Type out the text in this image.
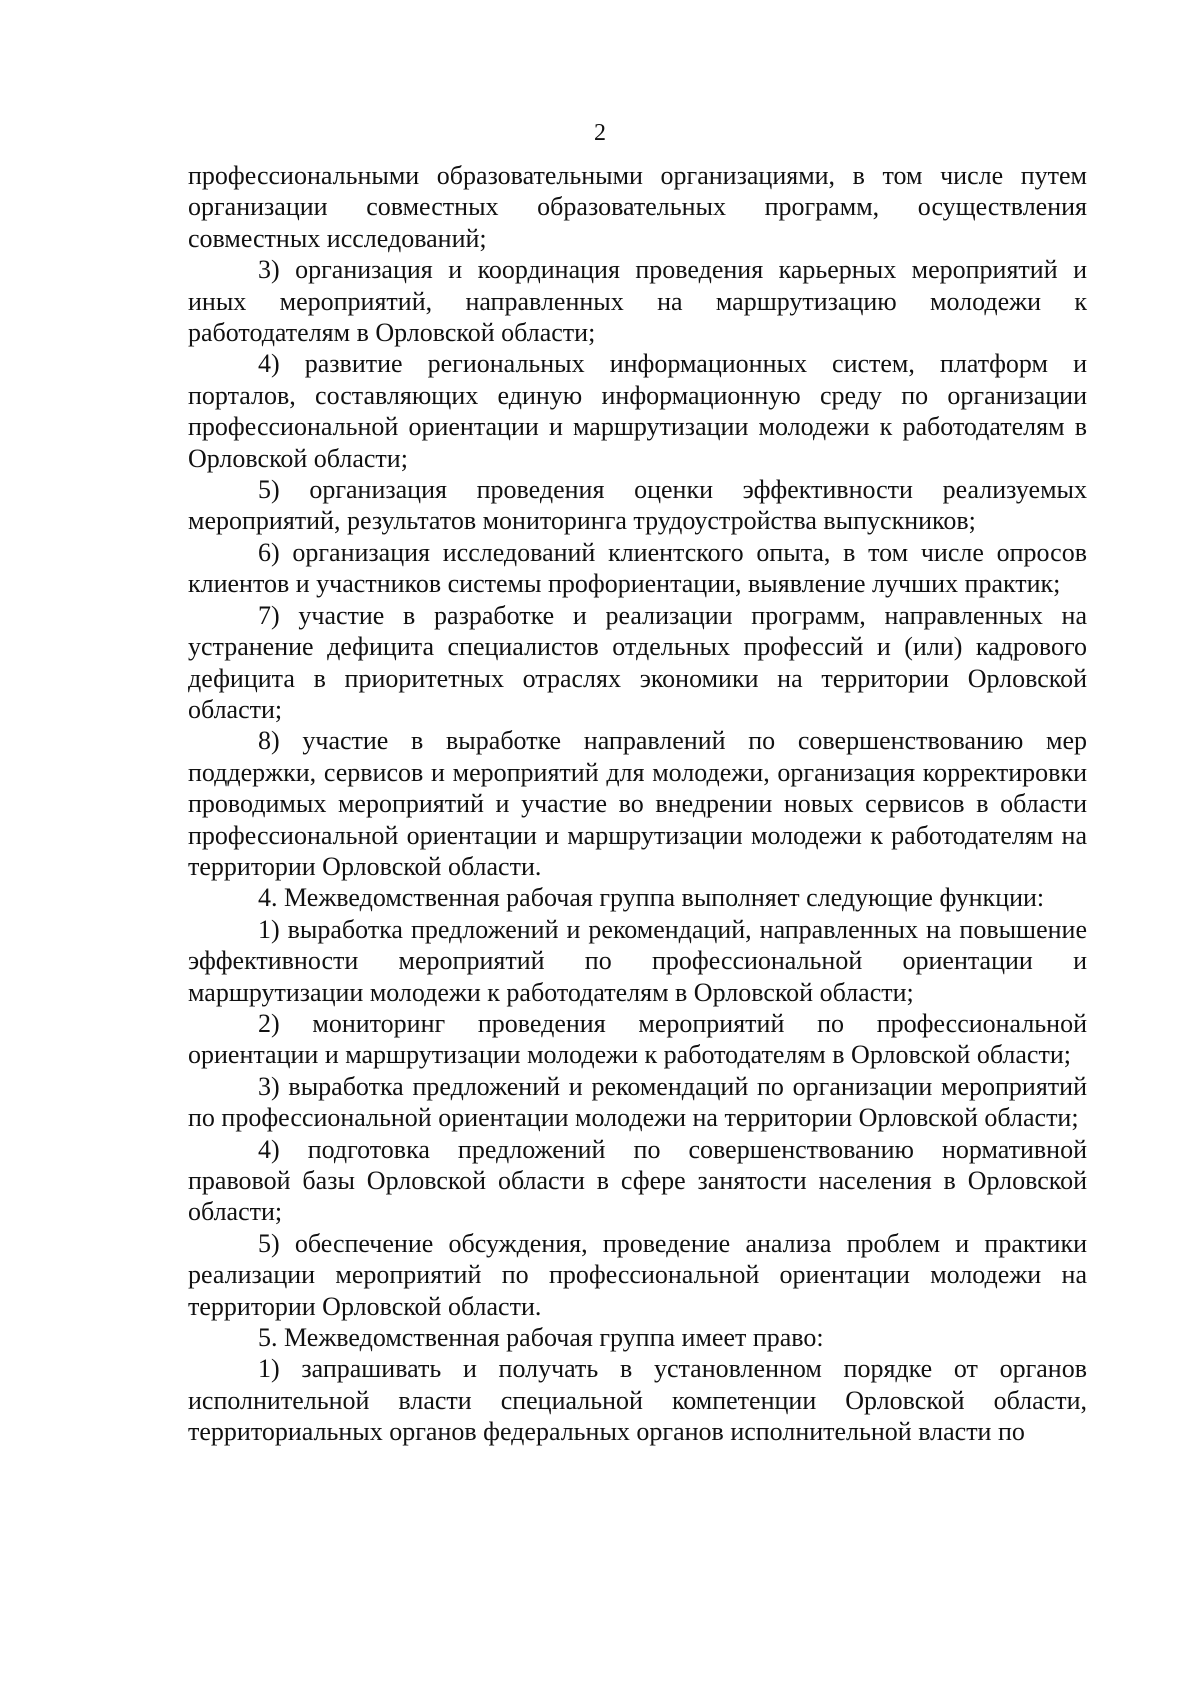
2

профессиональными образовательными организациями, в том числе путем организации совместных образовательных программ, осуществления совместных исследований;

3) организация и координация проведения карьерных мероприятий и иных мероприятий, направленных на маршрутизацию молодежи к работодателям в Орловской области;

4) развитие региональных информационных систем, платформ и порталов, составляющих единую информационную среду по организации профессиональной ориентации и маршрутизации молодежи к работодателям в Орловской области;

5) организация проведения оценки эффективности реализуемых мероприятий, результатов мониторинга трудоустройства выпускников;

6) организация исследований клиентского опыта, в том числе опросов клиентов и участников системы профориентации, выявление лучших практик;

7) участие в разработке и реализации программ, направленных на устранение дефицита специалистов отдельных профессий и (или) кадрового дефицита в приоритетных отраслях экономики на территории Орловской области;

8) участие в выработке направлений по совершенствованию мер поддержки, сервисов и мероприятий для молодежи, организация корректировки проводимых мероприятий и участие во внедрении новых сервисов в области профессиональной ориентации и маршрутизации молодежи к работодателям на территории Орловской области.

4. Межведомственная рабочая группа выполняет следующие функции:

1) выработка предложений и рекомендаций, направленных на повышение эффективности мероприятий по профессиональной ориентации и маршрутизации молодежи к работодателям в Орловской области;

2) мониторинг проведения мероприятий по профессиональной ориентации и маршрутизации молодежи к работодателям в Орловской области;

3) выработка предложений и рекомендаций по организации мероприятий по профессиональной ориентации молодежи на территории Орловской области;

4) подготовка предложений по совершенствованию нормативной правовой базы Орловской области в сфере занятости населения в Орловской области;

5) обеспечение обсуждения, проведение анализа проблем и практики реализации мероприятий по профессиональной ориентации молодежи на территории Орловской области.

5. Межведомственная рабочая группа имеет право:

1) запрашивать и получать в установленном порядке от органов исполнительной власти специальной компетенции Орловской области, территориальных органов федеральных органов исполнительной власти по
